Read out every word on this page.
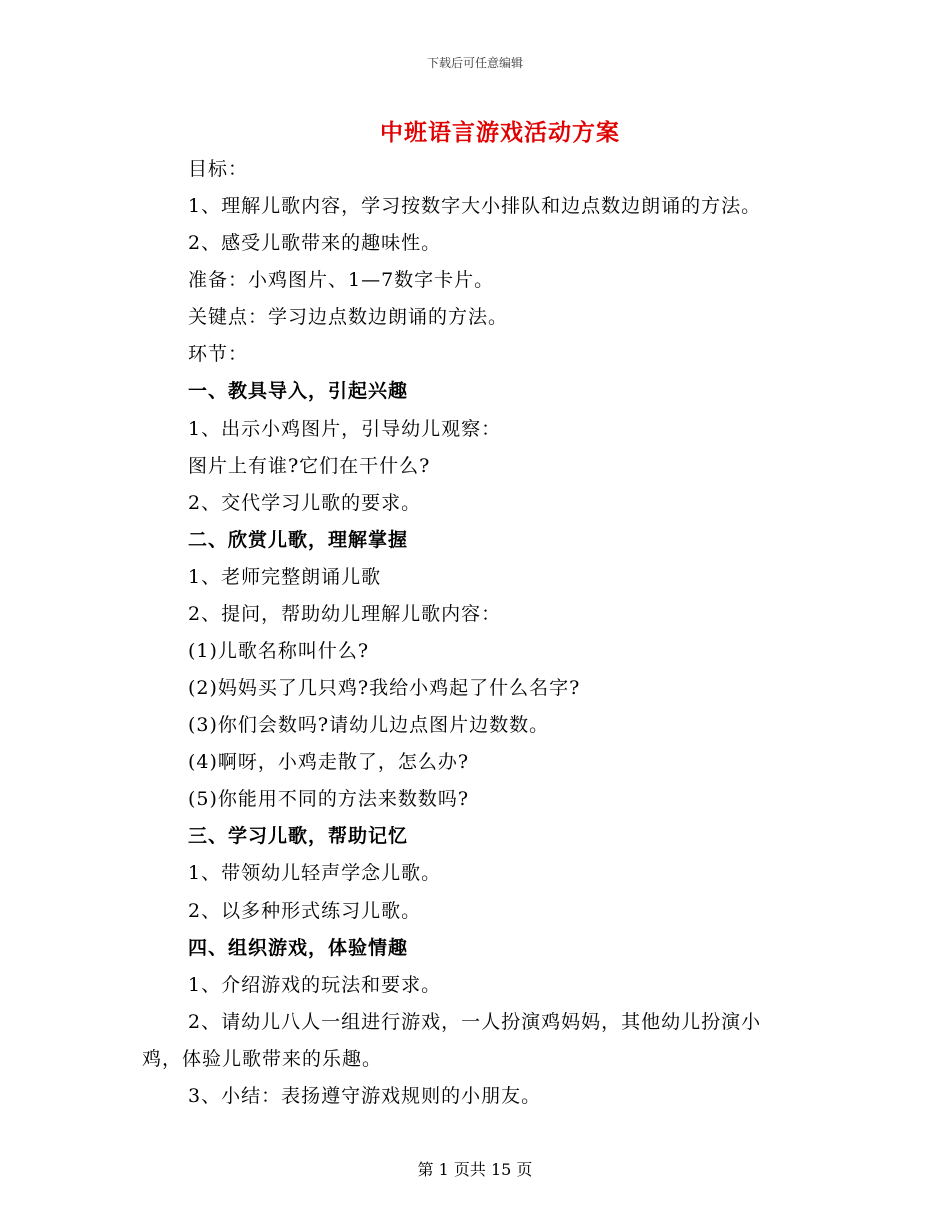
下载后可任意编辑
中班语言游戏活动方案
目标：
1、理解儿歌内容，学习按数字大小排队和边点数边朗诵的方法。
2、感受儿歌带来的趣味性。
准备：小鸡图片、1—7数字卡片。
关键点：学习边点数边朗诵的方法。
环节：
一、教具导入，引起兴趣
1、出示小鸡图片，引导幼儿观察：
图片上有谁?它们在干什么?
2、交代学习儿歌的要求。
二、欣赏儿歌，理解掌握
1、老师完整朗诵儿歌
2、提问，帮助幼儿理解儿歌内容：
(1)儿歌名称叫什么?
(2)妈妈买了几只鸡?我给小鸡起了什么名字?
(3)你们会数吗?请幼儿边点图片边数数。
(4)啊呀，小鸡走散了，怎么办?
(5)你能用不同的方法来数数吗?
三、学习儿歌，帮助记忆
1、带领幼儿轻声学念儿歌。
2、以多种形式练习儿歌。
四、组织游戏，体验情趣
1、介绍游戏的玩法和要求。
2、请幼儿八人一组进行游戏，一人扮演鸡妈妈，其他幼儿扮演小
鸡，体验儿歌带来的乐趣。
3、小结：表扬遵守游戏规则的小朋友。
第 1 页共 15 页
